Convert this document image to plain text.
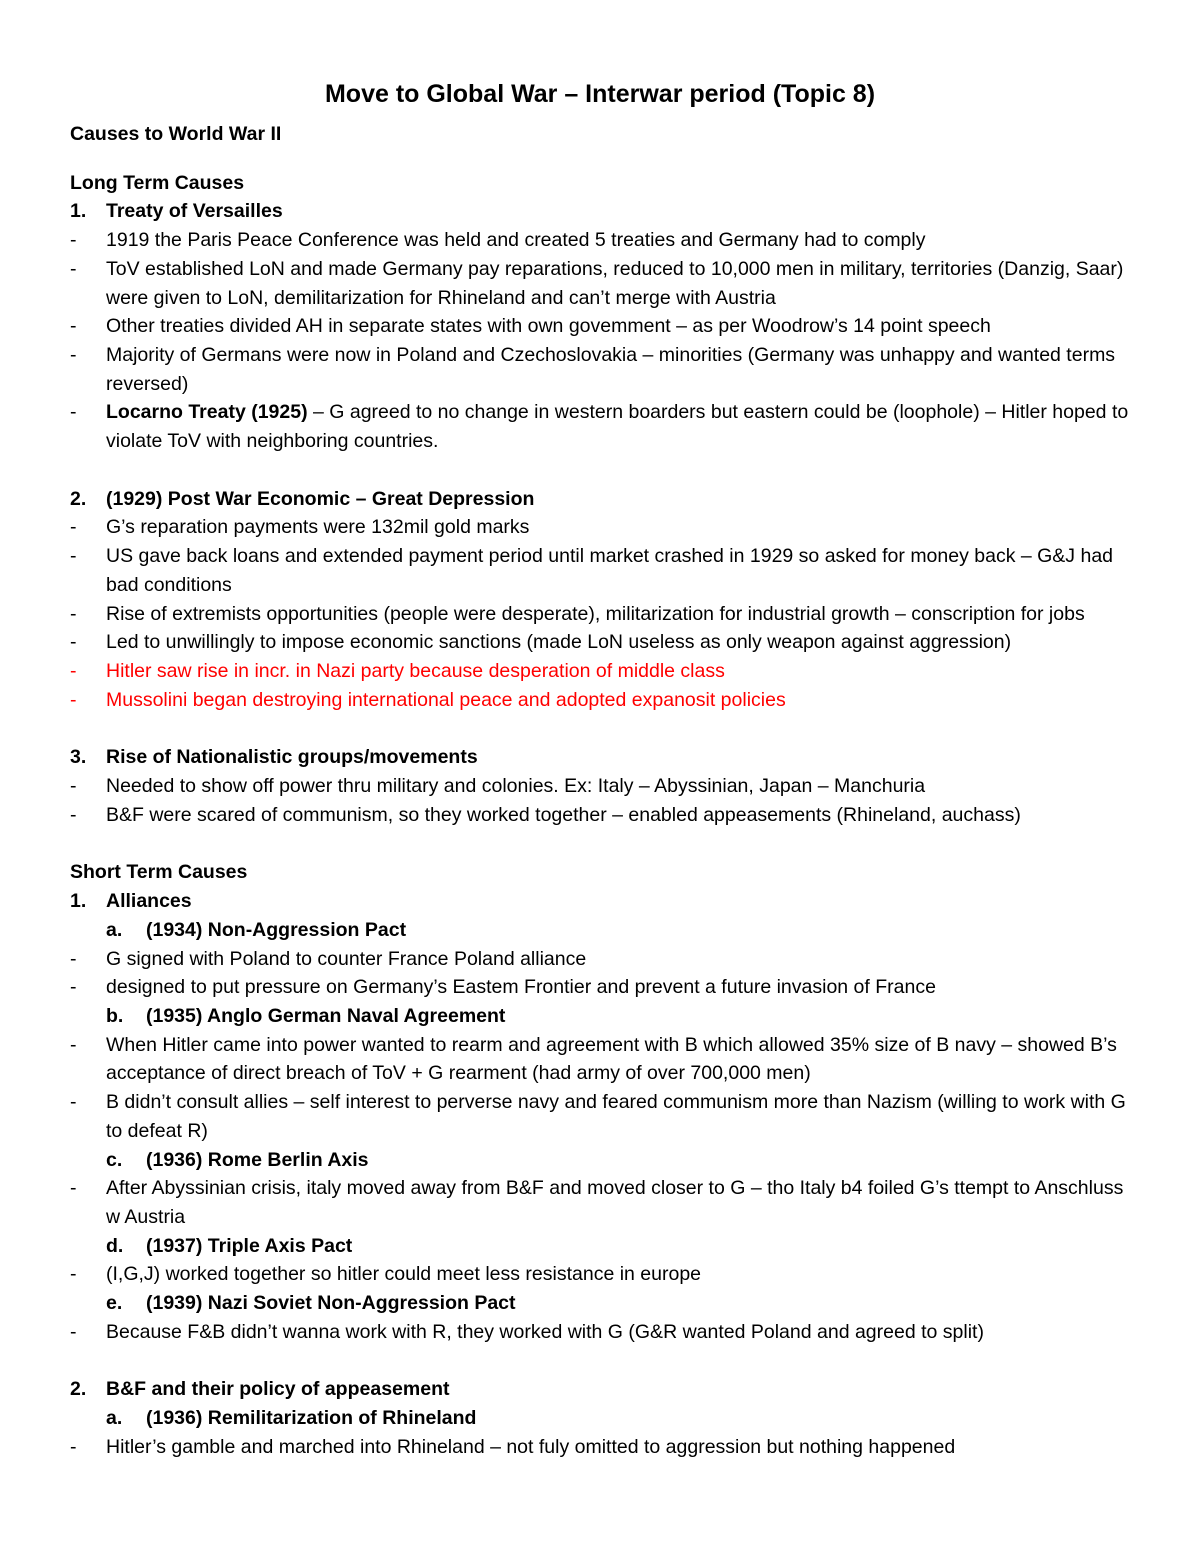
Move to Global War – Interwar period (Topic 8)
Causes to World War II
Long Term Causes
1.	Treaty of Versailles
-	1919 the Paris Peace Conference was held and created 5 treaties and Germany had to comply
-	ToV established LoN and made Germany pay reparations, reduced to 10,000 men in military, territories (Danzig, Saar) were given to LoN, demilitarization for Rhineland and can’t merge with Austria
-	Other treaties divided AH in separate states with own govemment – as per Woodrow’s 14 point speech
-	Majority of Germans were now in Poland and Czechoslovakia – minorities (Germany was unhappy and wanted terms reversed)
-	Locarno Treaty (1925) – G agreed to no change in western boarders but eastern could be (loophole) – Hitler hoped to violate ToV with neighboring countries.
2.	(1929) Post War Economic – Great Depression
-	G’s reparation payments were 132mil gold marks
-	US gave back loans and extended payment period until market crashed in 1929 so asked for money back – G&J had bad conditions
-	Rise of extremists opportunities (people were desperate), militarization for industrial growth – conscription for jobs
-	Led to unwillingly to impose economic sanctions (made LoN useless as only weapon against aggression)
-	Hitler saw rise in incr. in Nazi party because desperation of middle class
-	Mussolini began destroying international peace and adopted expanosit policies
3.	Rise of Nationalistic groups/movements
-	Needed to show off power thru military and colonies. Ex: Italy – Abyssinian, Japan – Manchuria
-	B&F were scared of communism, so they worked together – enabled appeasements (Rhineland, auchass)
Short Term Causes
1.	Alliances
a.	(1934) Non-Aggression Pact
-	G signed with Poland to counter France Poland alliance
-	designed to put pressure on Germany’s Eastem Frontier and prevent a future invasion of France
b.	(1935) Anglo German Naval Agreement
-	When Hitler came into power wanted to rearm and agreement with B which allowed 35% size of B navy – showed B’s acceptance of direct breach of ToV + G rearment (had army of over 700,000 men)
-	B didn’t consult allies – self interest to perverse navy and feared communism more than Nazism (willing to work with G to defeat R)
c.	(1936) Rome Berlin Axis
-	After Abyssinian crisis, italy moved away from B&F and moved closer to G – tho Italy b4 foiled G’s ttempt to Anschluss w Austria
d.	(1937) Triple Axis Pact
-	(I,G,J) worked together so hitler could meet less resistance in europe
e.	(1939) Nazi Soviet Non-Aggression Pact
-	Because F&B didn’t wanna work with R, they worked with G (G&R wanted Poland and agreed to split)
2.	B&F and their policy of appeasement
a.	(1936) Remilitarization of Rhineland
-	Hitler’s gamble and marched into Rhineland – not fuly omitted to aggression but nothing happened
